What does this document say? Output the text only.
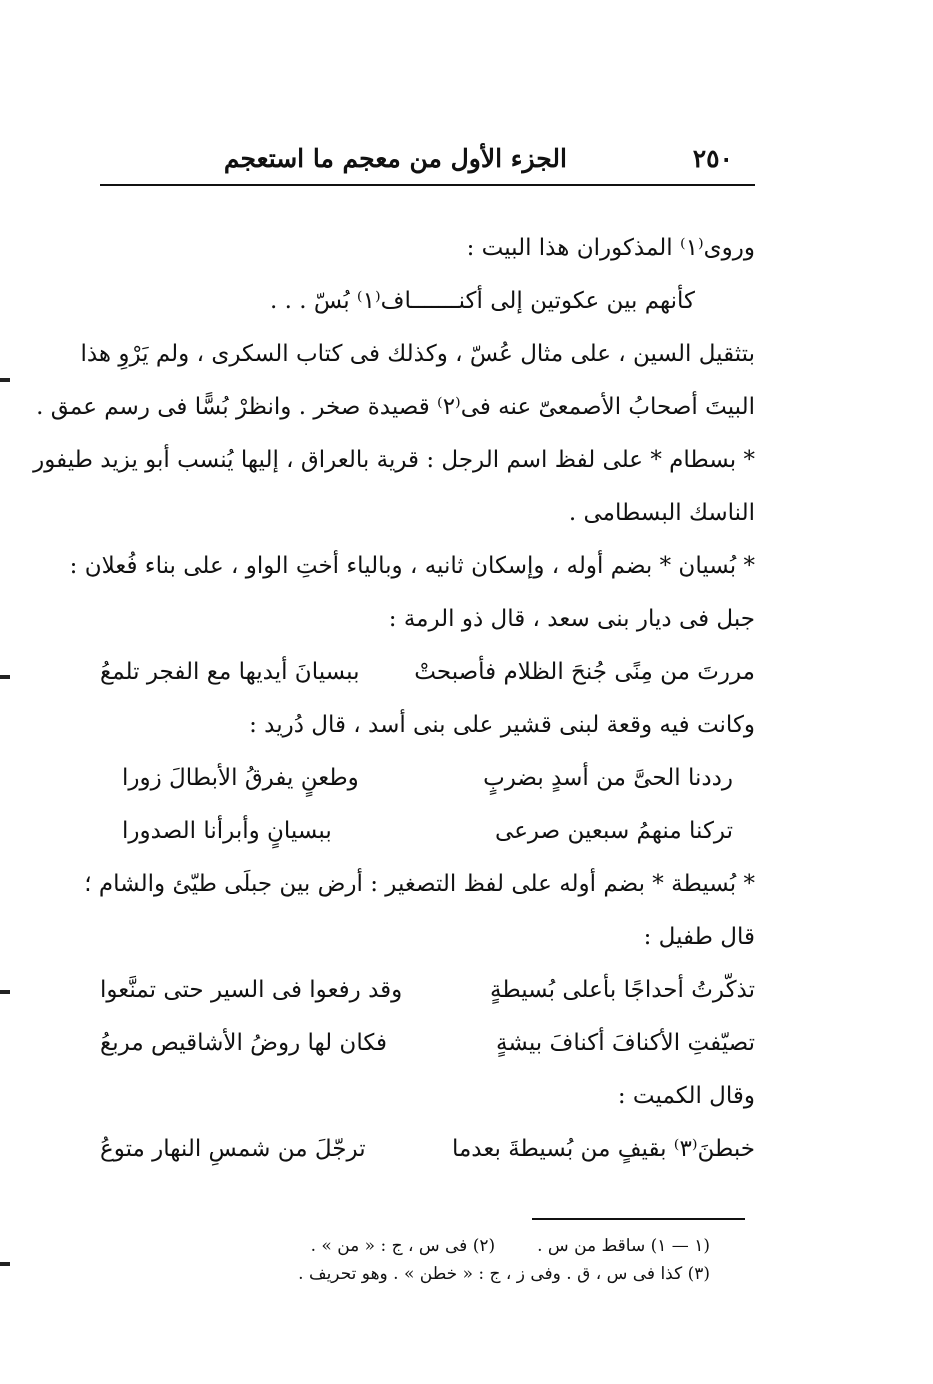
٢٥٠
الجزء الأول من معجم ما استعجم
وروى⁽١⁾ المذكوران هذا البيت :
كأنهم بين عكوتين إلى أكنـــــــاف⁽١⁾ بُسّ . . .
بتثقيل السين ، على مثال عُسّ ، وكذلك فى كتاب السكرى ، ولم يَرْوِ هذا
البيتَ أصحابُ الأصمعىّ عنه فى⁽٢⁾ قصيدة صخر . وانظرْ بُسًّا فى رسم عمق .
* بسطام * على لفظ اسم الرجل : قرية بالعراق ، إليها يُنسب أبو يزيد طيفور
الناسك البسطامى .
* بُسيان * بضم أوله ، وإسكان ثانيه ، وبالياء أختِ الواو ، على بناء فُعلان :
جبل فى ديار بنى سعد ، قال ذو الرمة :
مررتَ من مِنًى جُنحَ الظلام فأصبحتْ
ببسيانَ أيديها مع الفجر تلمعُ
وكانت فيه وقعة لبنى قشير على بنى أسد ، قال دُريد :
رددنا الحىَّ من أسدٍ بضربٍ
وطعنٍ يفرقُ الأبطالَ زورا
تركنا منهمُ سبعين صرعى
ببسيانٍ وأبرأنا الصدورا
* بُسيطة * بضم أوله على لفظ التصغير : أرض بين جبلَى طيّئ والشام ؛
قال طفيل :
تذكّرتُ أحداجًا بأعلى بُسيطةٍ
وقد رفعوا فى السير حتى تمنَّعوا
تصيّفتِ الأكنافَ أكنافَ بيشةٍ
فكان لها روضُ الأشاقيص مربعُ
وقال الكميت :
خبطنَ⁽٣⁾ بقيفٍ من بُسيطةَ بعدما
ترجّلَ من شمسِ النهار متوعُ
(١ — ١) ساقط من س .(٢) فى س ، ج : « من » .
(٣) كذا فى س ، ق . وفى ز ، ج : « خطن » . وهو تحريف .
